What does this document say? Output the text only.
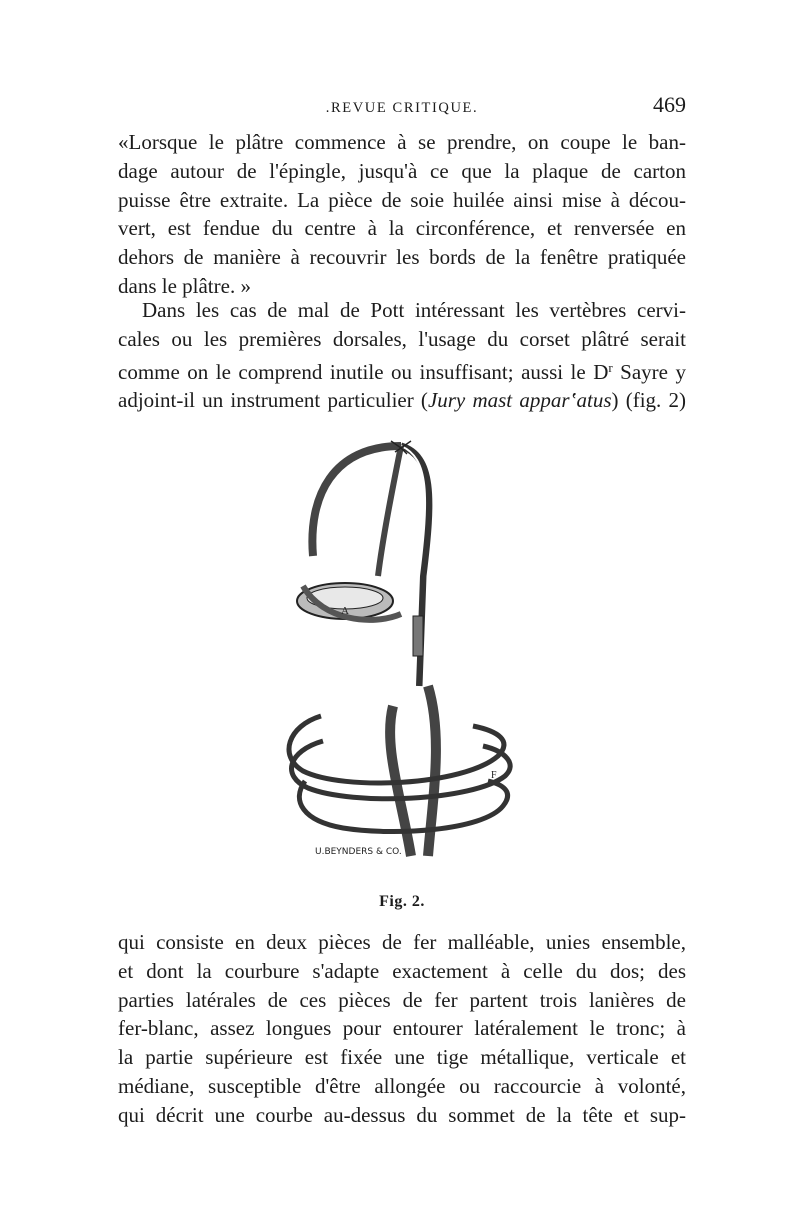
.REVUE CRITIQUE.	469

«Lorsque le plâtre commence à se prendre, on coupe le ban-
dage autour de l'épingle, jusqu'à ce que la plaque de carton
puisse être extraite. La pièce de soie huilée ainsi mise à décou-
vert, est fendue du centre à la circonférence, et renversée en
dehors de manière à recouvrir les bords de la fenêtre pratiquée
dans le plâtre. »

Dans les cas de mal de Pott intéressant les vertèbres cervi-
cales ou les premières dorsales, l'usage du corset plâtré serait
comme on le comprend inutile ou insuffisant; aussi le $D^r$ Sayre y
adjoint-il un instrument particulier (Jury mast appar‛atus) (fig. 2)

A
F
U.BEYNDERS & CO.
Fig. 2.

qui consiste en deux pièces de fer malléable, unies ensemble,
et dont la courbure s'adapte exactement à celle du dos; des
parties latérales de ces pièces de fer partent trois lanières de
fer-blanc, assez longues pour entourer latéralement le tronc; à
la partie supérieure est fixée une tige métallique, verticale et
médiane, susceptible d'être allongée ou raccourcie à volonté,
qui décrit une courbe au-dessus du sommet de la tête et sup-
